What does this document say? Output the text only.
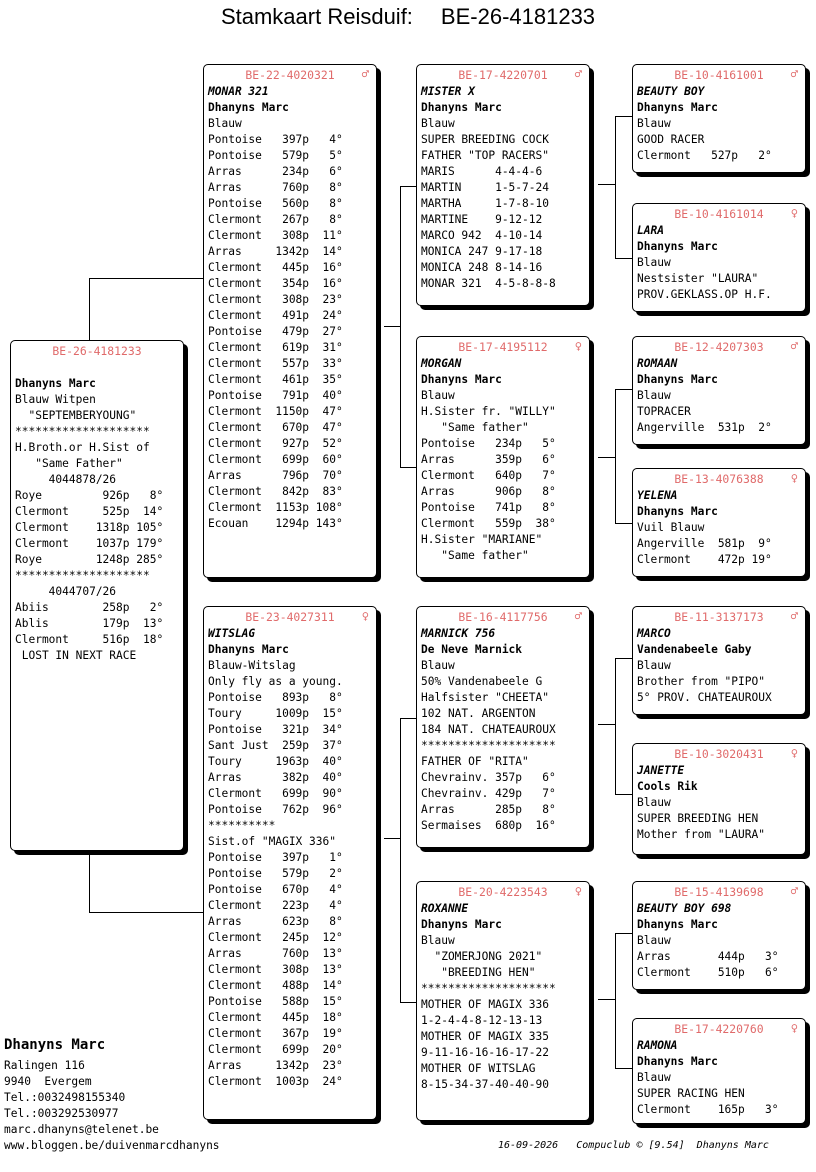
Stamkaart Reisduif: BE-26-4181233
BE-26-4181233
Dhanyns Marc
Blauw Witpen
"SEPTEMBERYOUNG"
********************
H.Broth.or H.Sist of
"Same Father"
4044878/26
Roye         926p   8°
Clermont     525p  14°
Clermont    1318p 105°
Clermont    1037p 179°
Roye        1248p 285°
********************
4044707/26
Abiis        258p   2°
Ablis        179p  13°
Clermont     516p  18°
LOST IN NEXT RACE
BE-22-4020321	♂
MONAR 321
Dhanyns Marc
Blauw
Pontoise   397p   4°
Pontoise   579p   5°
Arras      234p   6°
Arras      760p   8°
Pontoise   560p   8°
Clermont   267p   8°
Clermont   308p  11°
Arras     1342p  14°
Clermont   445p  16°
Clermont   354p  16°
Clermont   308p  23°
Clermont   491p  24°
Pontoise   479p  27°
Clermont   619p  31°
Clermont   557p  33°
Clermont   461p  35°
Pontoise   791p  40°
Clermont  1150p  47°
Clermont   670p  47°
Clermont   927p  52°
Clermont   699p  60°
Arras      796p  70°
Clermont   842p  83°
Clermont  1153p 108°
Ecouan    1294p 143°
BE-23-4027311	♀
WITSLAG
Dhanyns Marc
Blauw-Witslag
Only fly as a young.
Pontoise   893p   8°
Toury     1009p  15°
Pontoise   321p  34°
Sant Just  259p  37°
Toury     1963p  40°
Arras      382p  40°
Clermont   699p  90°
Pontoise   762p  96°
**********
Sist.of "MAGIX 336"
Pontoise   397p   1°
Pontoise   579p   2°
Pontoise   670p   4°
Clermont   223p   4°
Arras      623p   8°
Clermont   245p  12°
Arras      760p  13°
Clermont   308p  13°
Clermont   488p  14°
Pontoise   588p  15°
Clermont   445p  18°
Clermont   367p  19°
Clermont   699p  20°
Arras     1342p  23°
Clermont  1003p  24°
BE-17-4220701	♂
MISTER X
Dhanyns Marc
Blauw
SUPER BREEDING COCK
FATHER "TOP RACERS"
MARIS      4-4-4-6
MARTIN     1-5-7-24
MARTHA     1-7-8-10
MARTINE    9-12-12
MARCO 942  4-10-14
MONICA 247 9-17-18
MONICA 248 8-14-16
MONAR 321  4-5-8-8-8
BE-17-4195112	♀
MORGAN
Dhanyns Marc
Blauw
H.Sister fr. "WILLY"
"Same father"
Pontoise   234p   5°
Arras      359p   6°
Clermont   640p   7°
Arras      906p   8°
Pontoise   741p   8°
Clermont   559p  38°
H.Sister "MARIANE"
"Same father"
BE-16-4117756	♂
MARNICK 756
De Neve Marnick
Blauw
50% Vandenabeele G
Halfsister "CHEETA"
102 NAT. ARGENTON
184 NAT. CHATEAUROUX
********************
FATHER OF "RITA"
Chevrainv. 357p   6°
Chevrainv. 429p   7°
Arras      285p   8°
Sermaises  680p  16°
BE-20-4223543	♀
ROXANNE
Dhanyns Marc
Blauw
"ZOMERJONG 2021"
"BREEDING HEN"
********************
MOTHER OF MAGIX 336
1-2-4-4-8-12-13-13
MOTHER OF MAGIX 335
9-11-16-16-16-17-22
MOTHER OF WITSLAG
8-15-34-37-40-40-90
BE-10-4161001	♂
BEAUTY BOY
Dhanyns Marc
Blauw
GOOD RACER
Clermont   527p   2°
BE-10-4161014	♀
LARA
Dhanyns Marc
Blauw
Nestsister "LAURA"
PROV.GEKLASS.OP H.F.
BE-12-4207303	♂
ROMAAN
Dhanyns Marc
Blauw
TOPRACER
Angerville  531p  2°
BE-13-4076388	♀
YELENA
Dhanyns Marc
Vuil Blauw
Angerville  581p  9°
Clermont    472p 19°
BE-11-3137173	♂
MARCO
Vandenabeele Gaby
Blauw
Brother from "PIPO"
5° PROV. CHATEAUROUX
BE-10-3020431	♀
JANETTE
Cools Rik
Blauw
SUPER BREEDING HEN
Mother from "LAURA"
BE-15-4139698	♂
BEAUTY BOY 698
Dhanyns Marc
Blauw
Arras       444p   3°
Clermont    510p   6°
BE-17-4220760	♀
RAMONA
Dhanyns Marc
Blauw
SUPER RACING HEN
Clermont    165p   3°
Dhanyns Marc
Ralingen 116
9940  Evergem
Tel.:0032498155340
Tel.:003292530977
marc.dhanyns@telenet.be
www.bloggen.be/duivenmarcdhanyns	16-09-2026   Compuclub © [9.54]  Dhanyns Marc
